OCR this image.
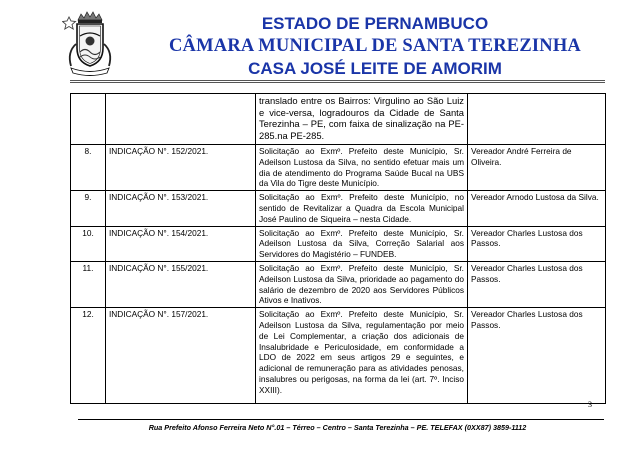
ESTADO DE PERNAMBUCO
CÂMARA MUNICIPAL DE SANTA TEREZINHA
CASA JOSÉ LEITE DE AMORIM
		translado entre os Bairros: Virgulino ao São Luiz e vice-versa, logradouros da Cidade de Santa Terezinha – PE, com faixa de sinalização na PE-285.na PE-285.	
8.	INDICAÇÃO N°. 152/2021.	Solicitação ao Exmº. Prefeito deste Município, Sr. Adeilson Lustosa da Silva, no sentido efetuar mais um dia de atendimento do Programa Saúde Bucal na UBS da Vila do Tigre deste Município.	Vereador André Ferreira de Oliveira.
9.	INDICAÇÃO N°. 153/2021.	Solicitação ao Exmº. Prefeito deste Município, no sentido de Revitalizar a Quadra da Escola Municipal José Paulino de Siqueira – nesta Cidade.	Vereador Arnodo Lustosa da Silva.
10.	INDICAÇÃO N°. 154/2021.	Solicitação ao Exmº. Prefeito deste Município, Sr. Adeilson Lustosa da Silva, Correção Salarial aos Servidores do Magistério – FUNDEB.	Vereador Charles Lustosa dos Passos.
11.	INDICAÇÃO N°. 155/2021.	Solicitação ao Exmº. Prefeito deste Município, Sr. Adeilson Lustosa da Silva, prioridade ao pagamento do salário de dezembro de 2020 aos Servidores Públicos Ativos e Inativos.	Vereador Charles Lustosa dos Passos.
12.	INDICAÇÃO N°. 157/2021.	Solicitação ao Exmº. Prefeito deste Município, Sr. Adeilson Lustosa da Silva, regulamentação por meio de Lei Complementar, a criação dos adicionais de Insalubridade e Periculosidade, em conformidade a LDO de 2022 em seus artigos 29 e seguintes, e adicional de remuneração para as atividades penosas, insalubres ou perigosas, na forma da lei (art. 7º. Inciso XXIII).	Vereador Charles Lustosa dos Passos.
3
Rua Prefeito Afonso Ferreira Neto N°.01 – Térreo – Centro – Santa Terezinha – PE. TELEFAX (0XX87) 3859-1112
